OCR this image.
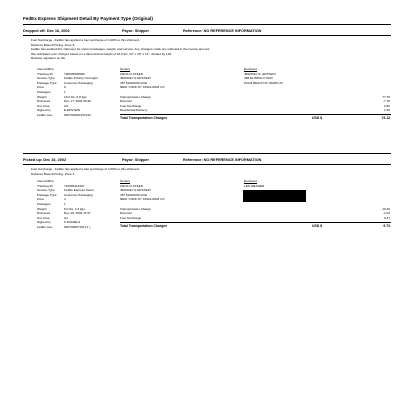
FedEx Express Shipment Detail By Payment Type (Original)
Dropped off: Dec 16, 2002	Payor: Shipper	Reference: NO REFERENCE INFORMATION
Fuel Surcharge - FedEx has applied a fuel surcharge of 4.00% to this shipment.
Distance Based Pricing, Zone 8
FedEx has audited this shipment for correct packages, weight, and service. Any changes made are reflected in the invoice amount.
We calculated your charges based on a dimensional weight of 24.0 lbs, 24" x 16" x 12", divided by 194.
Release signature on file.
InternetShip
Tracking ID	790605082089
Service Type	FedEx Priority Overnight
Package Type Customer Packaging
Zone	8
Packages	1
Weight	15.0 lbs, 6.8 kgs
Delivered	Dec 17, 2002 09:40
Svc Area	AA
Signed by	E.EPSTEIN
FedEx Use	92070208/0157432
Sender
CECILIA STEEN
JEFFREY E EPSTEIN
457 MADISON AVE
NEW YORK NY 10022-6843 US
Recipient
JEFFREY E. EPSTEIN
358 EL BRILLO WAY
PALM BEACH FL 33480 US
Transportation Charge	77.75
Discount	-7.78
Fuel Surcharge	2.80
Residential Delivery	1.35
Total Transportation Charges	USD $	74.12
Picked up: Dec 16, 2002	Payor: Shipper	Reference: NO REFERENCE INFORMATION
Fuel Surcharge - FedEx has applied a fuel surcharge of 4.00% to this shipment.
Distance Based Pricing, Zone 4
InternetShip
Tracking ID	791996415167
Service Type	FedEx Express Saver
Package Type Customer Packaging
Zone	4
Packages	1
Weight	5.0 lbs, 2.3 kgs
Delivered	Dec 18, 2002 11:57
Svc Area	A2
Signed by	K.DANIELS
FedEx Use	92070380715171 /_
Sender
CECILIA STEEN
JEFFREY E EPSTEIN
457 MADISON AVE
NEW YORK NY 10022-6843 US
Recipient
LES WEXNER
Transportation Charge	10.45
Discount	-1.04
Fuel Surcharge	0.37
Total Transportation Charges	USD $	9.73
